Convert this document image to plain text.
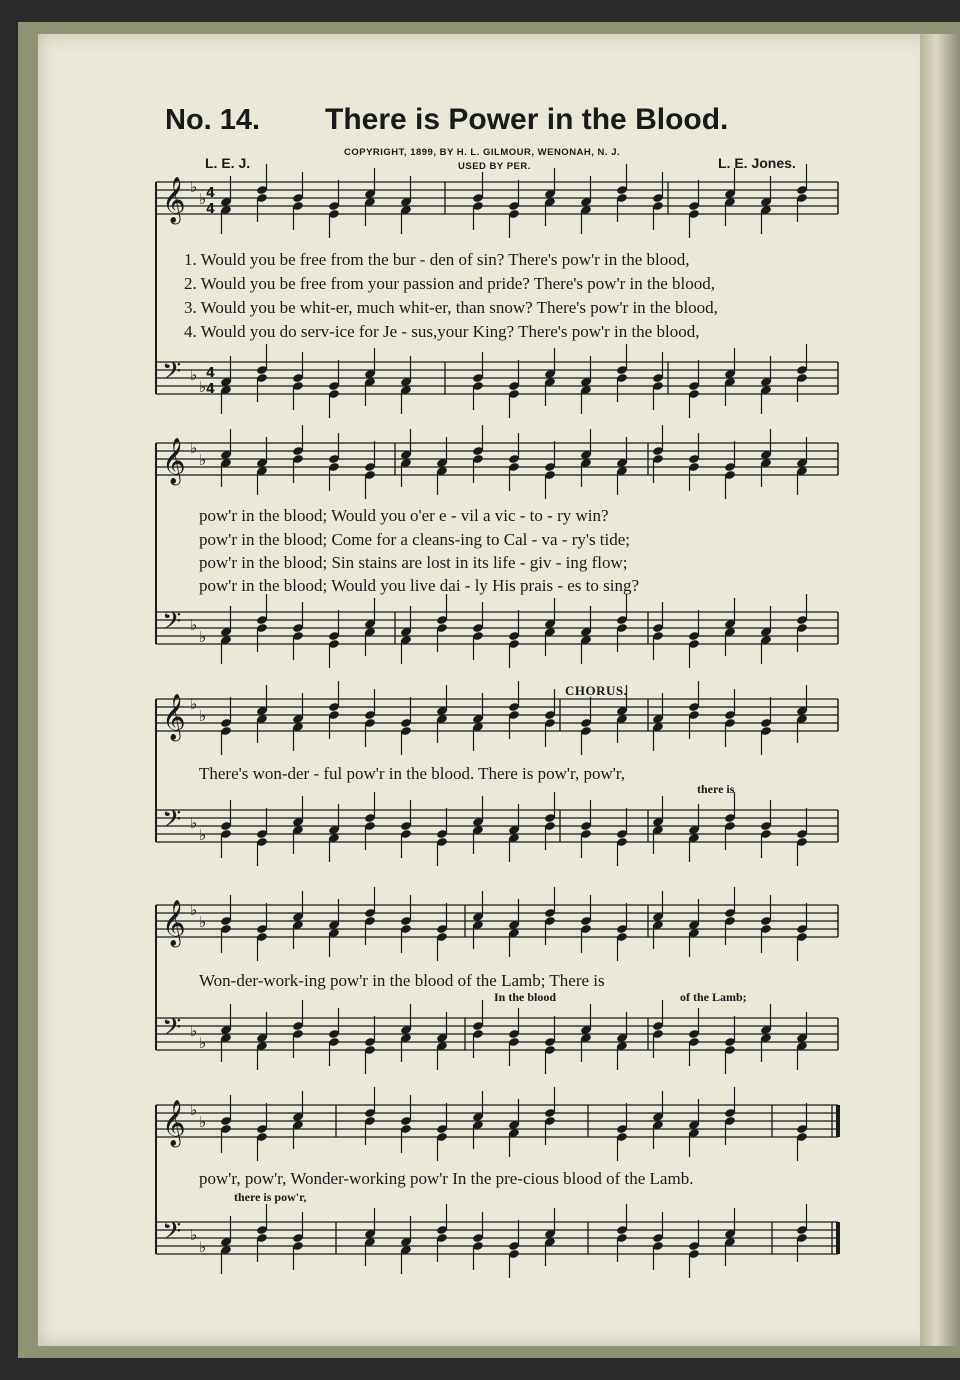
𝄞 ♭
♭ 4
4
𝄢 ♭
♭
4
4
𝄞 ♭
♭
𝄢 ♭
♭
𝄞 ♭
♭
𝄢 ♭
♭
𝄞 ♭
♭
𝄢 ♭
♭
𝄞 ♭
♭
𝄢 ♭
♭
No. 14. There is Power in the Blood.
COPYRIGHT, 1899, BY H. L. GILMOUR, WENONAH, N. J.
USED BY PER.
L. E. J.	L. E. Jones.
1. Would you be free from the bur - den of sin? There's pow'r in the blood,
2. Would you be free from your passion and pride? There's pow'r in the blood,
3. Would you be whit-er, much whit-er, than snow? There's pow'r in the blood,
4. Would you do serv-ice for Je - sus,your King? There's pow'r in the blood,
pow'r in the blood; Would you o'er e - vil a vic - to - ry win?
pow'r in the blood; Come for a cleans-ing to Cal - va - ry's tide;
pow'r in the blood; Sin stains are lost in its life - giv - ing flow;
pow'r in the blood; Would you live dai - ly His prais - es to sing?
CHORUS.
There's won-der - ful pow'r in the blood. There is pow'r, pow'r,
there is
Won-der-work-ing pow'r in the blood of the Lamb; There is
In the blood	of the Lamb;
pow'r, pow'r, Wonder-working pow'r In the pre-cious blood of the Lamb.
there is pow'r,
